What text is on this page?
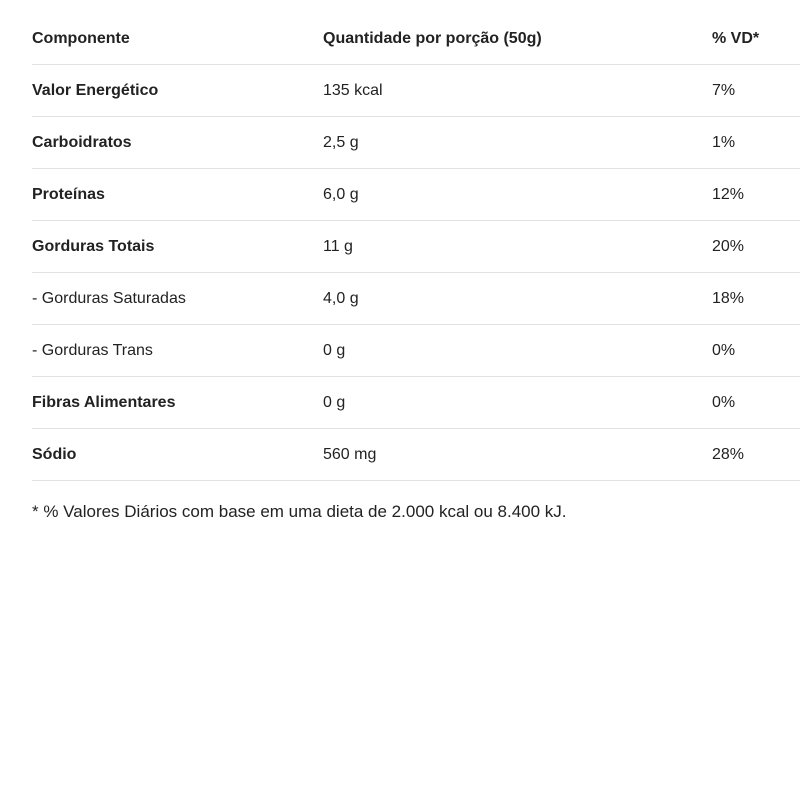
Componente	Quantidade por porção (50g)	% VD*
Valor Energético	135 kcal	7%
Carboidratos	2,5 g	1%
Proteínas	6,0 g	12%
Gorduras Totais	11 g	20%
- Gorduras Saturadas	4,0 g	18%
- Gorduras Trans	0 g	0%
Fibras Alimentares	0 g	0%
Sódio	560 mg	28%
* % Valores Diários com base em uma dieta de 2.000 kcal ou 8.400 kJ.
